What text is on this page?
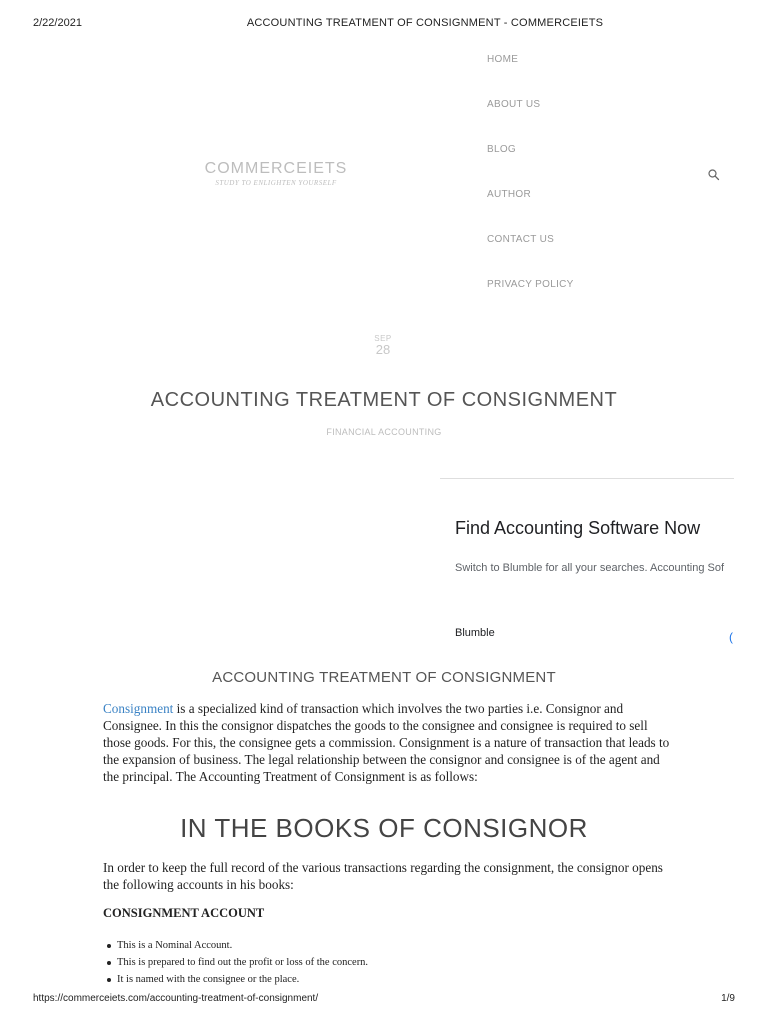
2/22/2021	ACCOUNTING TREATMENT OF CONSIGNMENT - COMMERCEIETS
COMMERCEIETS
STUDY TO ENLIGHTEN YOURSELF
HOME
ABOUT US
BLOG
AUTHOR
CONTACT US
PRIVACY POLICY
SEP
28
ACCOUNTING TREATMENT OF CONSIGNMENT
FINANCIAL ACCOUNTING
Find Accounting Software Now
Switch to Blumble for all your searches. Accounting Sof
Blumble	(
ACCOUNTING TREATMENT OF CONSIGNMENT

Consignment is a specialized kind of transaction which involves the two parties i.e. Consignor and Consignee. In this the consignor dispatches the goods to the consignee and consignee is required to sell those goods. For this, the consignee gets a commission. Consignment is a nature of transaction that leads to the expansion of business. The legal relationship between the consignor and consignee is of the agent and the principal. The Accounting Treatment of Consignment is as follows:

IN THE BOOKS OF CONSIGNOR

In order to keep the full record of the various transactions regarding the consignment, the consignor opens the following accounts in his books:

CONSIGNMENT ACCOUNT
This is a Nominal Account.
This is prepared to find out the profit or loss of the concern.
It is named with the consignee or the place.
https://commerceiets.com/accounting-treatment-of-consignment/	1/9
